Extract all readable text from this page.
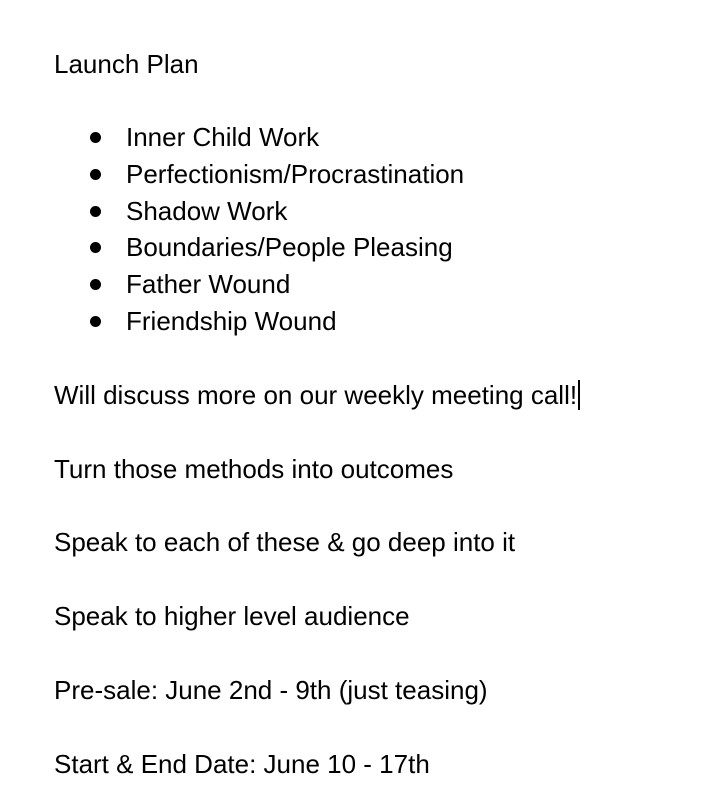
Launch Plan
Inner Child Work
Perfectionism/Procrastination
Shadow Work
Boundaries/People Pleasing
Father Wound
Friendship Wound
Will discuss more on our weekly meeting call!
Turn those methods into outcomes
Speak to each of these & go deep into it
Speak to higher level audience
Pre-sale: June 2nd - 9th (just teasing)
Start & End Date: June 10 - 17th
